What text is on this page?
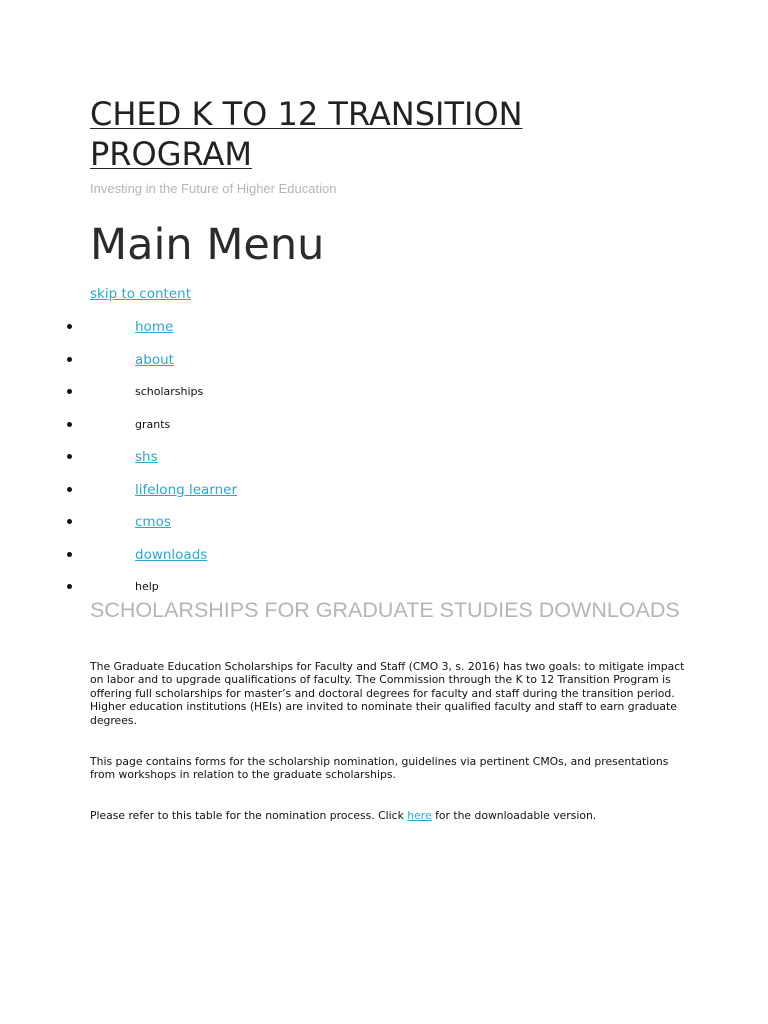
CHED K TO 12 TRANSITION PROGRAM

Investing in the Future of Higher Education

Main Menu
skip to content
home
about
scholarships
grants
shs
lifelong learner
cmos
downloads
help
SCHOLARSHIPS FOR GRADUATE STUDIES DOWNLOADS

The Graduate Education Scholarships for Faculty and Staff (CMO 3, s. 2016) has two goals: to mitigate impact on labor and to upgrade qualifications of faculty. The Commission through the K to 12 Transition Program is offering full scholarships for master’s and doctoral degrees for faculty and staff during the transition period. Higher education institutions (HEIs) are invited to nominate their qualified faculty and staff to earn graduate degrees.

This page contains forms for the scholarship nomination, guidelines via pertinent CMOs, and presentations from workshops in relation to the graduate scholarships.

Please refer to this table for the nomination process. Click here for the downloadable version.
